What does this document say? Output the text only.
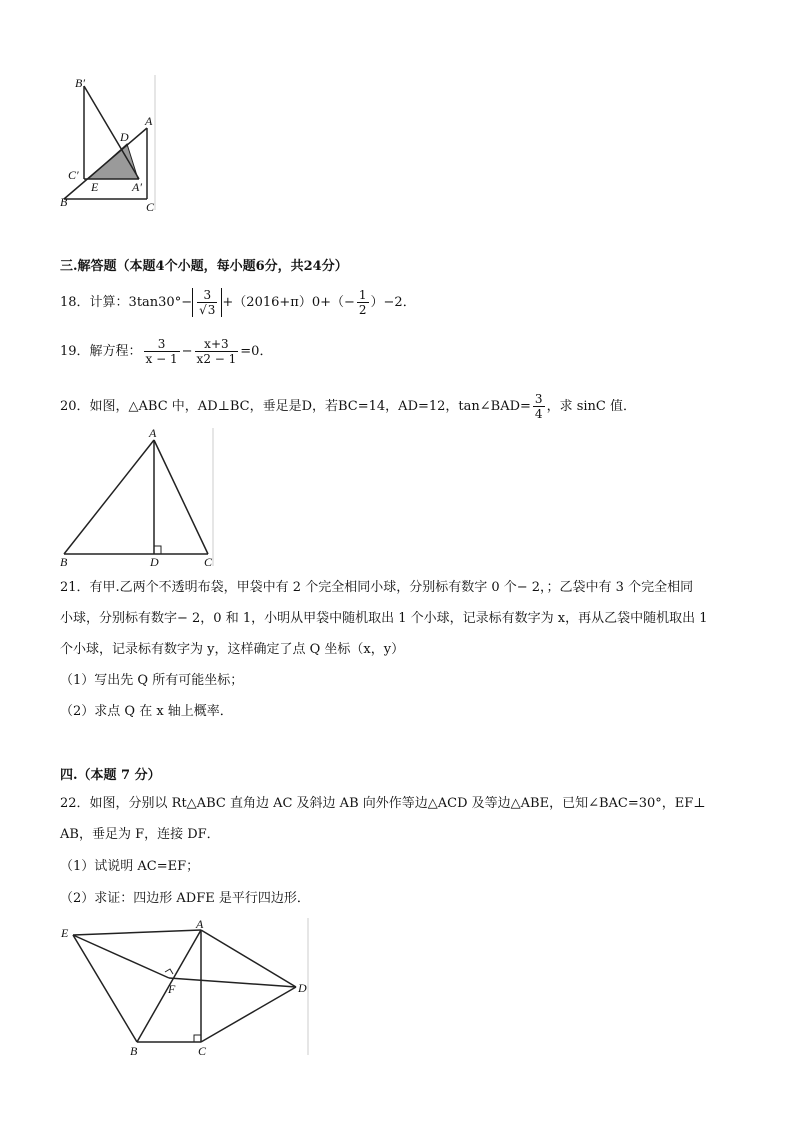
B′
A
D
C′
E	A′
B	C
三.解答题（本题4个小题，每小题6分，共24分）
18．计算：$3\tan 30^\circ- \frac{3}{√3} +(2016+\pi)0+(- \frac{1}{2} )-2$．
19．解方程： $\frac{3}{x - 1} - \frac{x+3}{x2 - 1} =0$．
20．如图，△ABC 中，AD⊥BC，垂足是D，若BC=14，AD=12，tan∠BAD= $\frac{3}{4}$ ，求 sinC 值．
A
B	D	C
21．有甲.乙两个不透明布袋，甲袋中有 2 个完全相同小球，分别标有数字 0 个− 2，；乙袋中有 3 个完全相同
小球，分别标有数字− 2，0 和 1，小明从甲袋中随机取出 1 个小球，记录标有数字为 x，再从乙袋中随机取出 1
个小球，记录标有数字为 y，这样确定了点 Q 坐标（x，y）
（1）写出先 Q 所有可能坐标；
（2）求点 Q 在 x 轴上概率．
四.（本题 7 分）
22．如图，分别以 Rt△ABC 直角边 AC 及斜边 AB 向外作等边△ACD 及等边△ABE，已知∠BAC=30°，EF⊥
AB，垂足为 F，连接 DF．
（1）试说明 AC=EF；
（2）求证：四边形 ADFE 是平行四边形．
E
A
F	D
B	C
